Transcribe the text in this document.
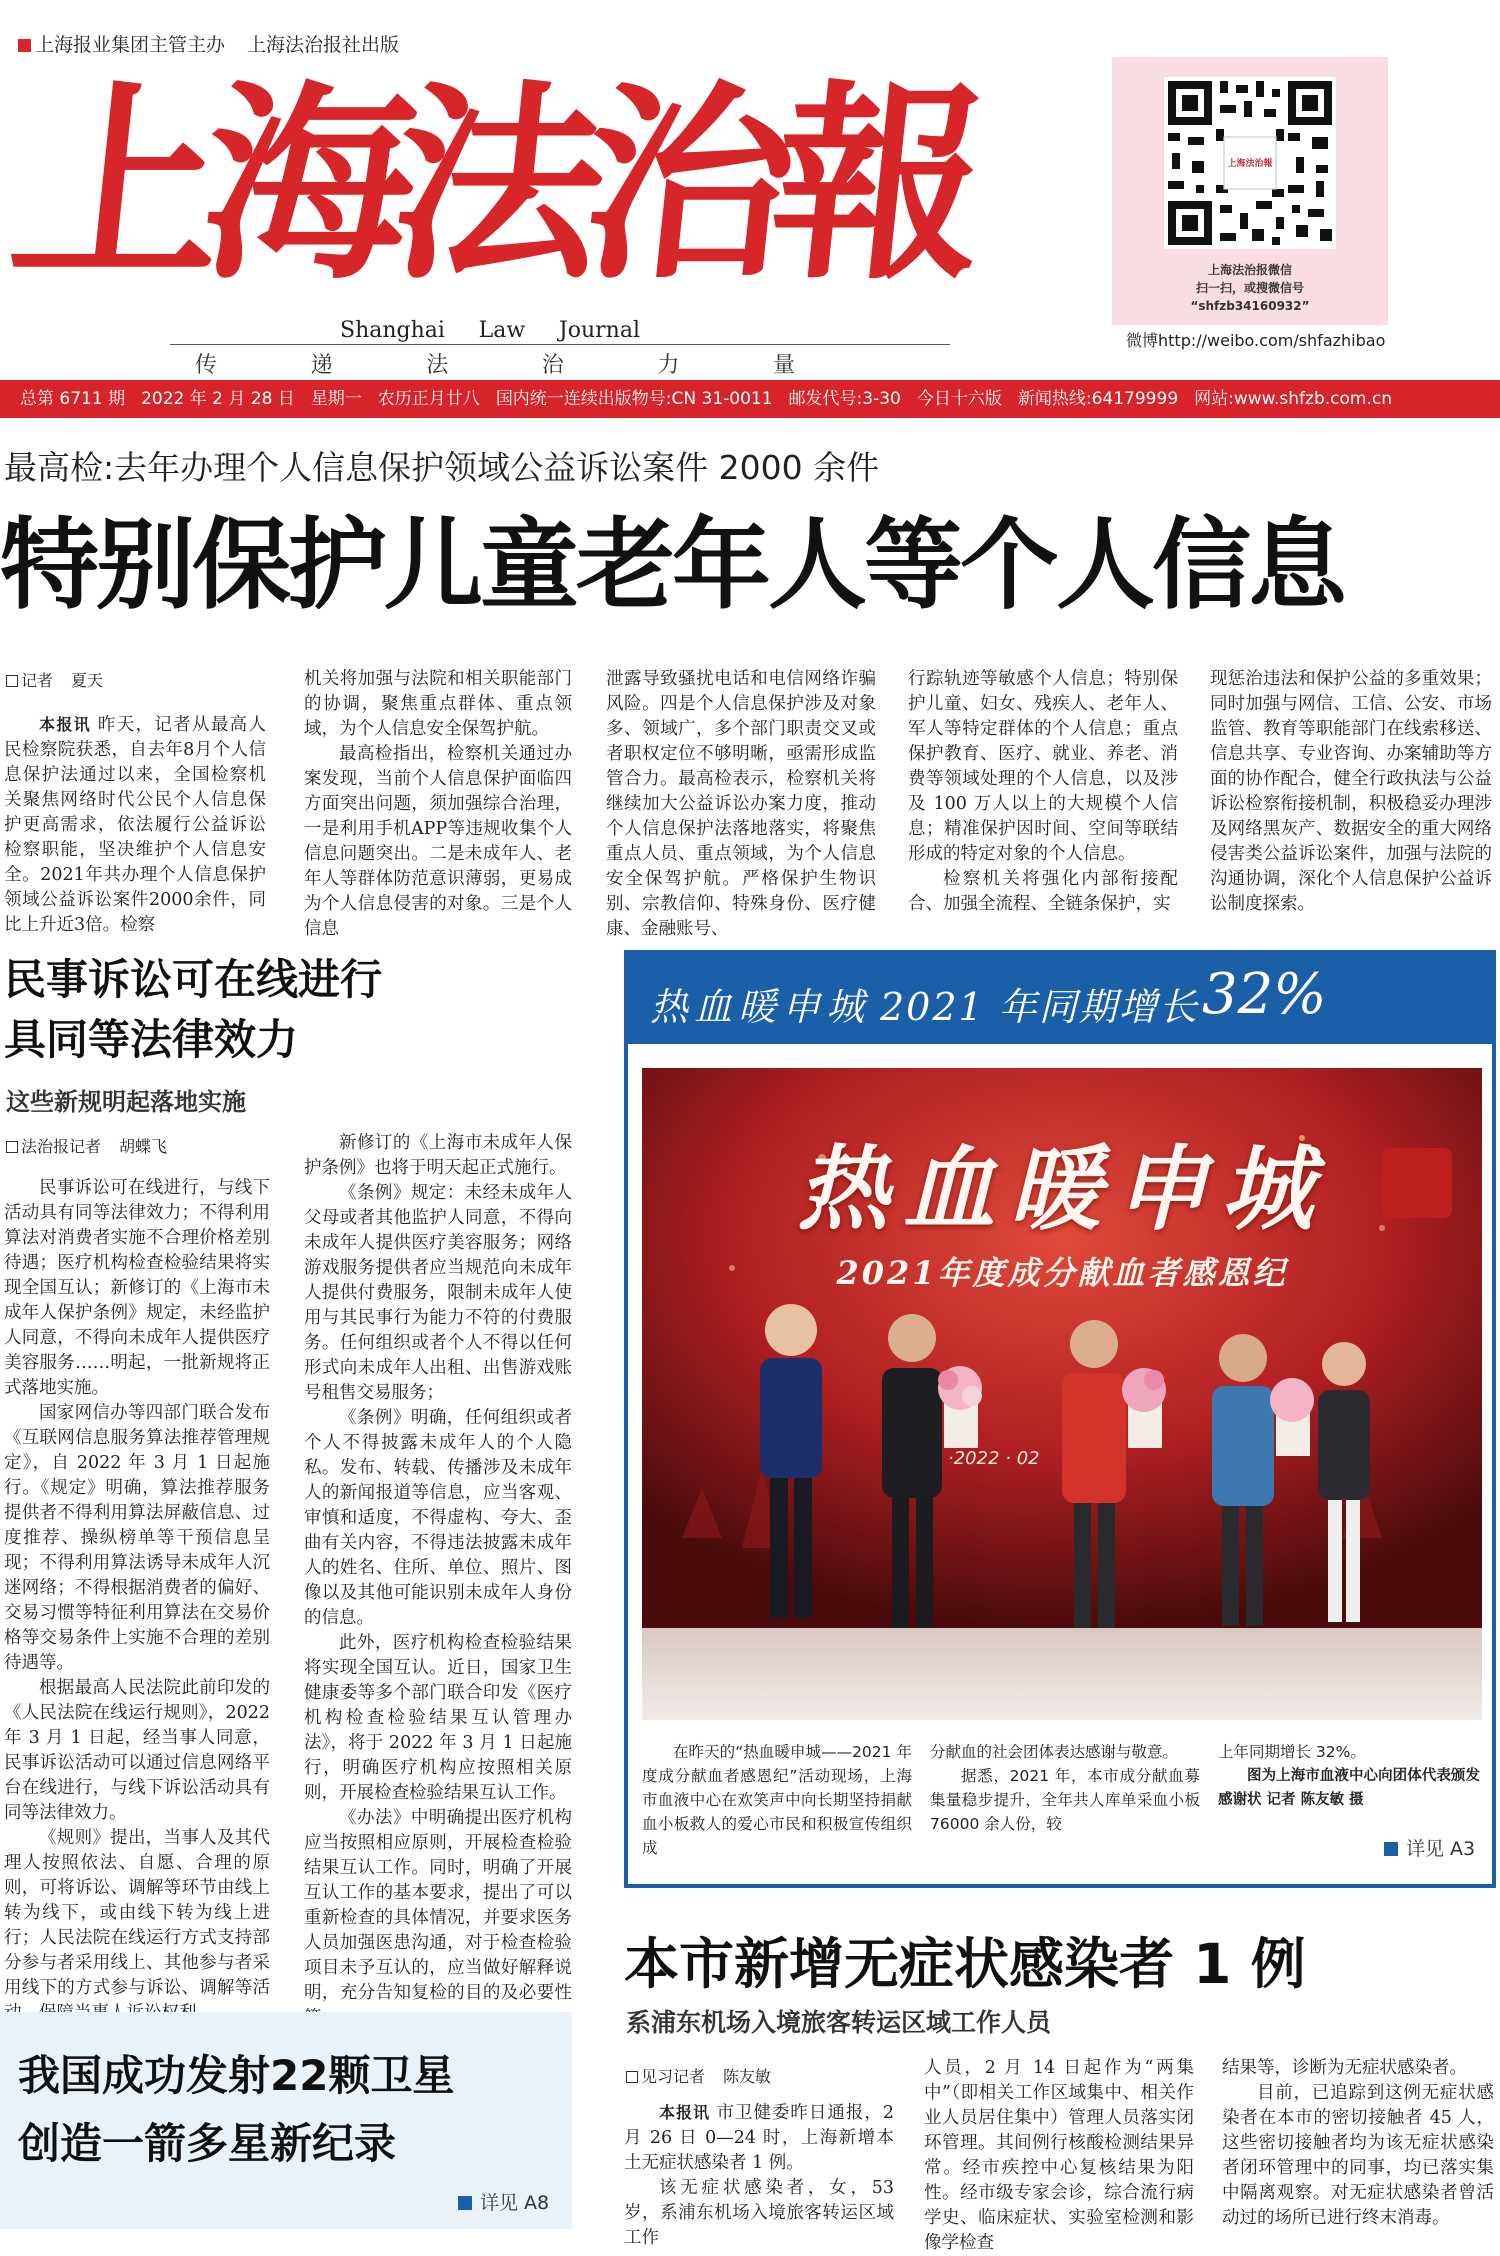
上海报业集团主管主办 上海法治报社出版
上
海
法
治
報
Shanghai Law Journal
传	递	法	治	力	量
上海法治報
上海法治报微信
扫一扫，或搜微信号
“shfzb34160932”
微博http://weibo.com/shfazhibao
总第 6711 期 2022 年 2 月 28 日 星期一 农历正月廿八 国内统一连续出版物号:CN 31-0011 邮发代号:3-30 今日十六版 新闻热线:64179999 网站:www.shfzb.com.cn
最高检:去年办理个人信息保护领域公益诉讼案件 2000 余件
特别保护儿童老年人等个人信息
记者 夏天

本报讯 昨天，记者从最高人民检察院获悉，自去年8月个人信息保护法通过以来，全国检察机关聚焦网络时代公民个人信息保护更高需求，依法履行公益诉讼检察职能，坚决维护个人信息安全。2021年共办理个人信息保护领域公益诉讼案件2000余件，同比上升近3倍。检察

机关将加强与法院和相关职能部门的协调，聚焦重点群体、重点领域，为个人信息安全保驾护航。

最高检指出，检察机关通过办案发现，当前个人信息保护面临四方面突出问题，须加强综合治理，一是利用手机APP等违规收集个人信息问题突出。二是未成年人、老年人等群体防范意识薄弱，更易成为个人信息侵害的对象。三是个人信息

泄露导致骚扰电话和电信网络诈骗风险。四是个人信息保护涉及对象多、领域广，多个部门职责交叉或者职权定位不够明晰，亟需形成监管合力。最高检表示，检察机关将继续加大公益诉讼办案力度，推动个人信息保护法落地落实，将聚焦重点人员、重点领域，为个人信息安全保驾护航。严格保护生物识别、宗教信仰、特殊身份、医疗健康、金融账号、

行踪轨迹等敏感个人信息；特别保护儿童、妇女、残疾人、老年人、军人等特定群体的个人信息；重点保护教育、医疗、就业、养老、消费等领域处理的个人信息，以及涉及 100 万人以上的大规模个人信息；精准保护因时间、空间等联结形成的特定对象的个人信息。

检察机关将强化内部衔接配合、加强全流程、全链条保护，实

现惩治违法和保护公益的多重效果；同时加强与网信、工信、公安、市场监管、教育等职能部门在线索移送、信息共享、专业咨询、办案辅助等方面的协作配合，健全行政执法与公益诉讼检察衔接机制，积极稳妥办理涉及网络黑灰产、数据安全的重大网络侵害类公益诉讼案件，加强与法院的沟通协调，深化个人信息保护公益诉讼制度探索。

民事诉讼可在线进行
具同等法律效力
这些新规明起落地实施
法治报记者 胡蝶飞

民事诉讼可在线进行，与线下活动具有同等法律效力；不得利用算法对消费者实施不合理价格差别待遇；医疗机构检查检验结果将实现全国互认；新修订的《上海市未成年人保护条例》规定，未经监护人同意，不得向未成年人提供医疗美容服务……明起，一批新规将正式落地实施。

国家网信办等四部门联合发布《互联网信息服务算法推荐管理规定》，自 2022 年 3 月 1 日起施行。《规定》明确，算法推荐服务提供者不得利用算法屏蔽信息、过度推荐、操纵榜单等干预信息呈现；不得利用算法诱导未成年人沉迷网络；不得根据消费者的偏好、交易习惯等特征利用算法在交易价格等交易条件上实施不合理的差别待遇等。

根据最高人民法院此前印发的《人民法院在线运行规则》，2022 年 3 月 1 日起，经当事人同意，民事诉讼活动可以通过信息网络平台在线进行，与线下诉讼活动具有同等法律效力。

《规则》提出，当事人及其代理人按照依法、自愿、合理的原则，可将诉讼、调解等环节由线上转为线下，或由线下转为线上进行；人民法院在线运行方式支持部分参与者采用线上、其他参与者采用线下的方式参与诉讼、调解等活

新修订的《上海市未成年人保护条例》也将于明天起正式施行。

《条例》规定：未经未成年人父母或者其他监护人同意，不得向未成年人提供医疗美容服务；网络游戏服务提供者应当规范向未成年人提供付费服务，限制未成年人使用与其民事行为能力不符的付费服务。任何组织或者个人不得以任何形式向未成年人出租、出售游戏账号租售交易服务；

《条例》明确，任何组织或者个人不得披露未成年人的个人隐私。发布、转载、传播涉及未成年人的新闻报道等信息，应当客观、审慎和适度，不得虚构、夸大、歪曲有关内容，不得违法披露未成年人的姓名、住所、单位、照片、图像以及其他可能识别未成年人身份的信息。

此外，医疗机构检查检验结果将实现全国互认。近日，国家卫生健康委等多个部门联合印发《医疗机构检查检验结果互认管理办法》，将于 2022 年 3 月 1 日起施行，明确医疗机构应按照相关原则，开展检查检验结果互认工作。

《办法》中明确提出医疗机构应当按照相应原则，开展检查检验结果互认工作。同时，明确了开展互认工作的基本要求，提出了可以重新检查的具体情况，并要求医务人员加强医患沟通，对于检查检验项目未予互认的，应当做好解释说明，充分告知复检的目的及必要性

我国成功发射22颗卫星
创造一箭多星新纪录
详见 A8
热血暖申城 2021 年同期增长 32%
热血暖申城
2021年度成分献血者感恩纪
·2022 · 02
在昨天的“热血暖申城——2021 年度成分献血者感恩纪”活动现场，上海市血液中心在欢笑声中向长期坚持捐献血小板救人的爱心市民和积极宣传组织成
分献血的社会团体表达感谢与敬意。
据悉，2021 年，本市成分献血募集量稳步提升，全年共人库单采血小板 76000 余人份，较
上年同期增长 32%。
图为上海市血液中心向团体代表颁发感谢状 记者 陈友敏 摄
详见 A3
本市新增无症状感染者 1 例
系浦东机场入境旅客转运区域工作人员
见习记者 陈友敏

本报讯 市卫健委昨日通报，2 月 26 日 0—24 时，上海新增本土无症状感染者 1 例。

该无症状感染者，女，53 岁，系浦东机场入境旅客转运区域工作

人员，2 月 14 日起作为“两集中”（即相关工作区域集中、相关作业人员居住集中）管理人员落实闭环管理。其间例行核酸检测结果异常。经市疾控中心复核结果为阳性。经市级专家会诊，综合流行病学史、临床症状、实验室检测和影像学检查

结果等，诊断为无症状感染者。

目前，已追踪到这例无症状感染者在本市的密切接触者 45 人，这些密切接触者均为该无症状感染者闭环管理中的同事，均已落实集中隔离观察。对无症状感染者曾活动过的场所已进行终末消毒。
